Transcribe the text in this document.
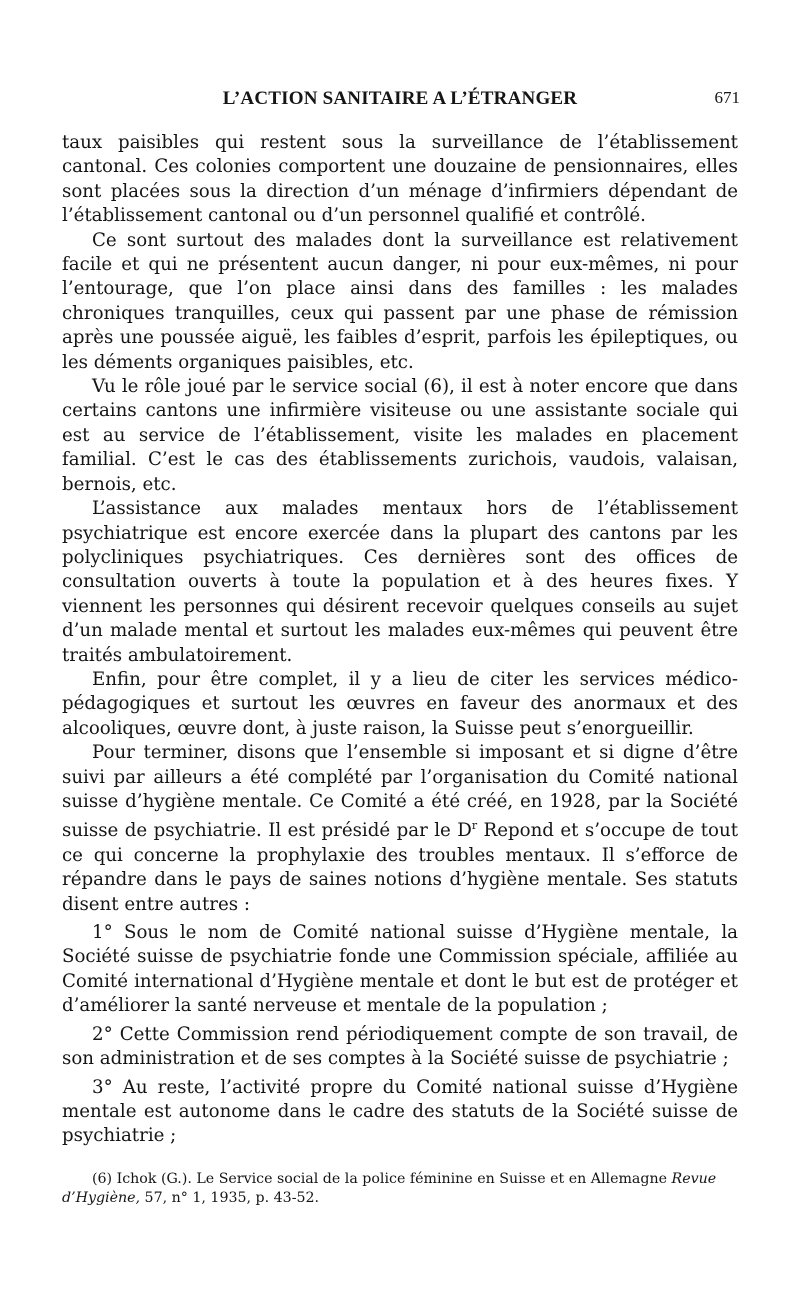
L’ACTION SANITAIRE A L’ÉTRANGER	671

taux paisibles qui restent sous la surveillance de l’établissement cantonal. Ces colonies comportent une douzaine de pensionnaires, elles sont placées sous la direction d’un ménage d’infirmiers dépendant de l’établissement cantonal ou d’un personnel qualifié et contrôlé.

Ce sont surtout des malades dont la surveillance est relativement facile et qui ne présentent aucun danger, ni pour eux-mêmes, ni pour l’entourage, que l’on place ainsi dans des familles : les malades chroniques tranquilles, ceux qui passent par une phase de rémission après une poussée aiguë, les faibles d’esprit, parfois les épileptiques, ou les déments organiques paisibles, etc.

Vu le rôle joué par le service social (6), il est à noter encore que dans certains cantons une infirmière visiteuse ou une assistante sociale qui est au service de l’établissement, visite les malades en placement familial. C’est le cas des établissements zurichois, vaudois, valaisan, bernois, etc.

L’assistance aux malades mentaux hors de l’établissement psychiatrique est encore exercée dans la plupart des cantons par les polycliniques psychiatriques. Ces dernières sont des offices de consultation ouverts à toute la population et à des heures fixes. Y viennent les personnes qui désirent recevoir quelques conseils au sujet d’un malade mental et surtout les malades eux-mêmes qui peuvent être traités ambulatoirement.

Enfin, pour être complet, il y a lieu de citer les services médico-pédagogiques et surtout les œuvres en faveur des anormaux et des alcooliques, œuvre dont, à juste raison, la Suisse peut s’enorgueillir.

Pour terminer, disons que l’ensemble si imposant et si digne d’être suivi par ailleurs a été complété par l’organisation du Comité national suisse d’hygiène mentale. Ce Comité a été créé, en 1928, par la Société suisse de psychiatrie. Il est présidé par le $D^r$ Repond et s’occupe de tout ce qui concerne la prophylaxie des troubles mentaux. Il s’efforce de répandre dans le pays de saines notions d’hygiène mentale. Ses statuts disent entre autres :

1° Sous le nom de Comité national suisse d’Hygiène mentale, la Société suisse de psychiatrie fonde une Commission spéciale, affiliée au Comité international d’Hygiène mentale et dont le but est de protéger et d’améliorer la santé nerveuse et mentale de la population ;

2° Cette Commission rend périodiquement compte de son travail, de son administration et de ses comptes à la Société suisse de psychiatrie ;

3° Au reste, l’activité propre du Comité national suisse d’Hygiène mentale est autonome dans le cadre des statuts de la Société suisse de psychiatrie ;

(6) Ichok (G.). Le Service social de la police féminine en Suisse et en Allemagne Revue d’Hygiène, 57, n° 1, 1935, p. 43-52.
